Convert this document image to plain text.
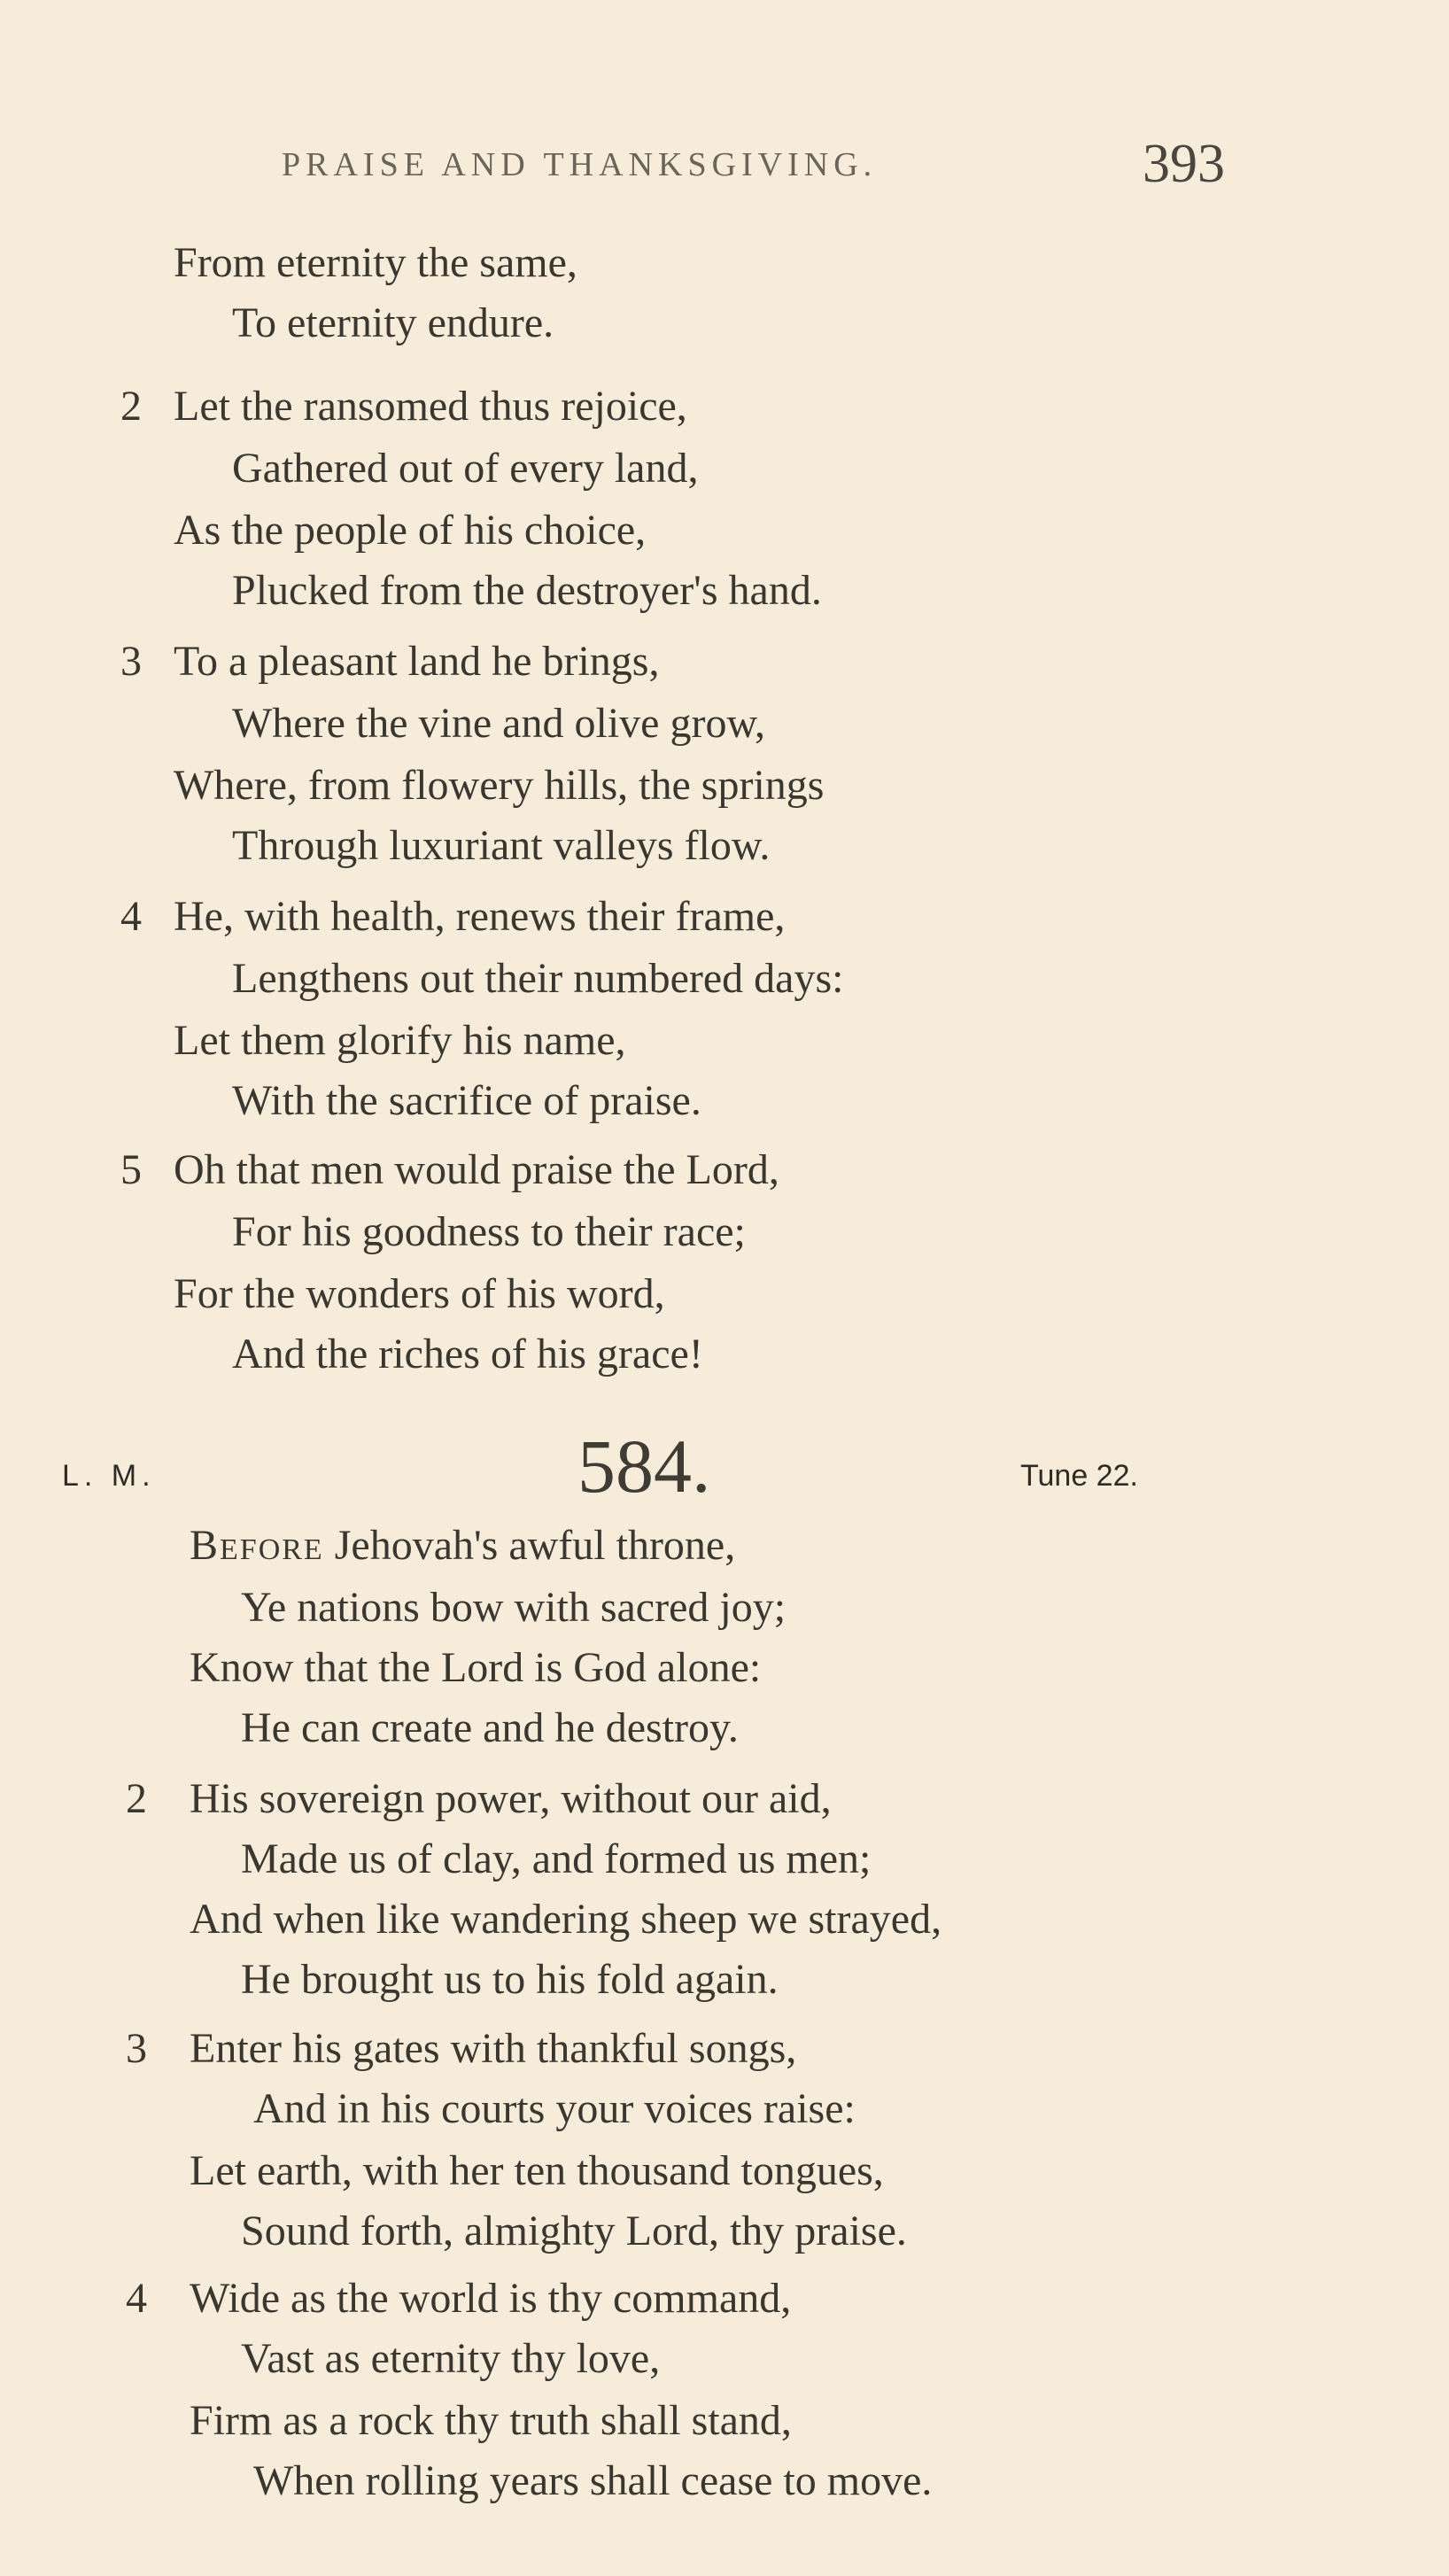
PRAISE AND THANKSGIVING.	393
From eternity the same,
To eternity endure.
2 Let the ransomed thus rejoice,
Gathered out of every land,
As the people of his choice,
Plucked from the destroyer's hand.
3 To a pleasant land he brings,
Where the vine and olive grow,
Where, from flowery hills, the springs
Through luxuriant valleys flow.
4 He, with health, renews their frame,
Lengthens out their numbered days:
Let them glorify his name,
With the sacrifice of praise.
5 Oh that men would praise the Lord,
For his goodness to their race;
For the wonders of his word,
And the riches of his grace!
L. M.	584.	Tune 22.
Before Jehovah's awful throne,
Ye nations bow with sacred joy;
Know that the Lord is God alone:
He can create and he destroy.
2 His sovereign power, without our aid,
Made us of clay, and formed us men;
And when like wandering sheep we strayed,
He brought us to his fold again.
3 Enter his gates with thankful songs,
And in his courts your voices raise:
Let earth, with her ten thousand tongues,
Sound forth, almighty Lord, thy praise.
4 Wide as the world is thy command,
Vast as eternity thy love,
Firm as a rock thy truth shall stand,
When rolling years shall cease to move.
